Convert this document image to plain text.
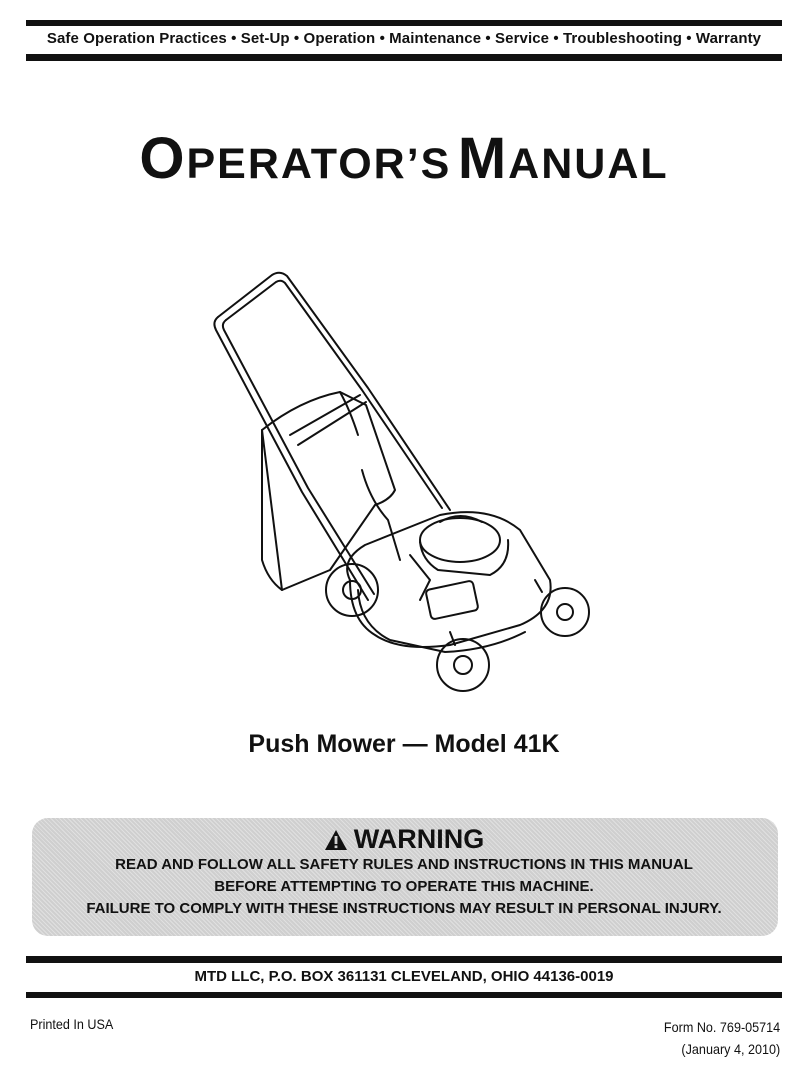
Safe Operation Practices • Set-Up • Operation • Maintenance • Service • Troubleshooting • Warranty
OPERATOR’S MANUAL
Push Mower — Model 41K
WARNING
READ AND FOLLOW ALL SAFETY RULES AND INSTRUCTIONS IN THIS MANUAL
BEFORE ATTEMPTING TO OPERATE THIS MACHINE.
FAILURE TO COMPLY WITH THESE INSTRUCTIONS MAY RESULT IN PERSONAL INJURY.
MTD LLC, P.O. BOX 361131 CLEVELAND, OHIO 44136-0019
Printed In USA	Form No. 769-05714
(January 4, 2010)
